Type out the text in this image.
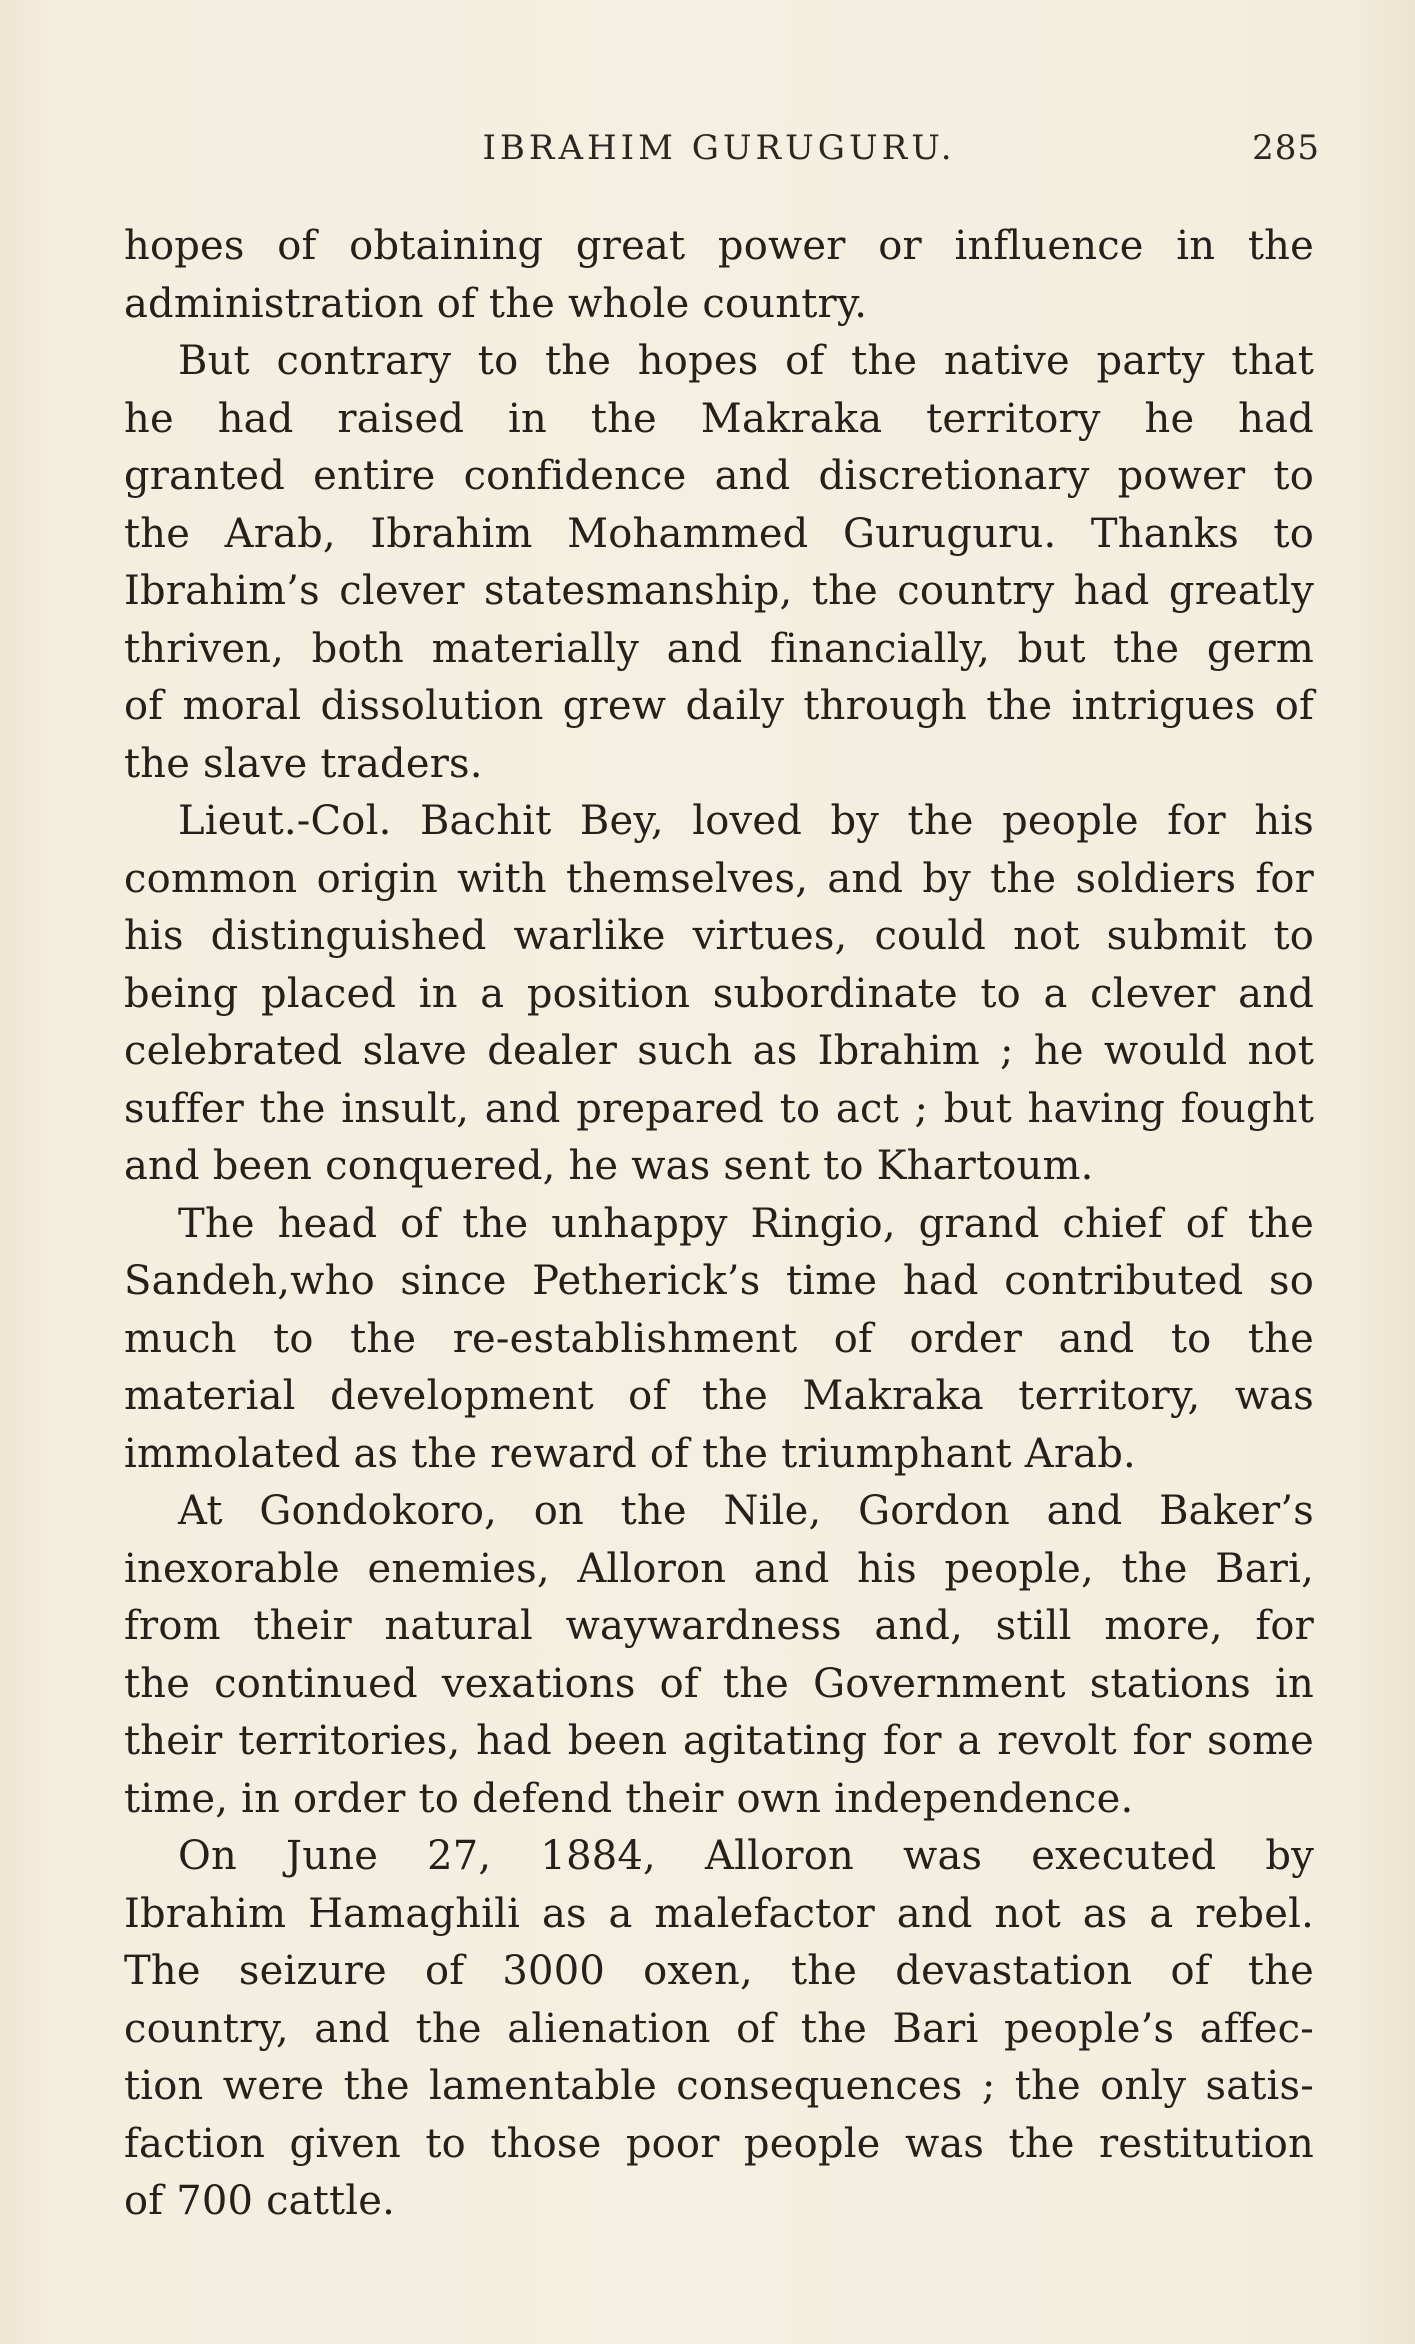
IBRAHIM GURUGURU.	285
hopes of obtaining great power or influence in the
administration of the whole country.
But contrary to the hopes of the native party that
he had raised in the Makraka territory he had
granted entire confidence and discretionary power to
the Arab, Ibrahim Mohammed Guruguru. Thanks to
Ibrahim’s clever statesmanship, the country had greatly
thriven, both materially and financially, but the germ
of moral dissolution grew daily through the intrigues of
the slave traders.
Lieut.-Col. Bachit Bey, loved by the people for his
common origin with themselves, and by the soldiers for
his distinguished warlike virtues, could not submit to
being placed in a position subordinate to a clever and
celebrated slave dealer such as Ibrahim ; he would not
suffer the insult, and prepared to act ; but having fought
and been conquered, he was sent to Khartoum.
The head of the unhappy Ringio, grand chief of the
Sandeh,who since Petherick’s time had contributed so
much to the re-establishment of order and to the
material development of the Makraka territory, was
immolated as the reward of the triumphant Arab.
At Gondokoro, on the Nile, Gordon and Baker’s
inexorable enemies, Alloron and his people, the Bari,
from their natural waywardness and, still more, for
the continued vexations of the Government stations in
their territories, had been agitating for a revolt for some
time, in order to defend their own independence.
On June 27, 1884, Alloron was executed by
Ibrahim Hamaghili as a malefactor and not as a rebel.
The seizure of 3000 oxen, the devastation of the
country, and the alienation of the Bari people’s affec-
tion were the lamentable consequences ; the only satis-
faction given to those poor people was the restitution
of 700 cattle.
